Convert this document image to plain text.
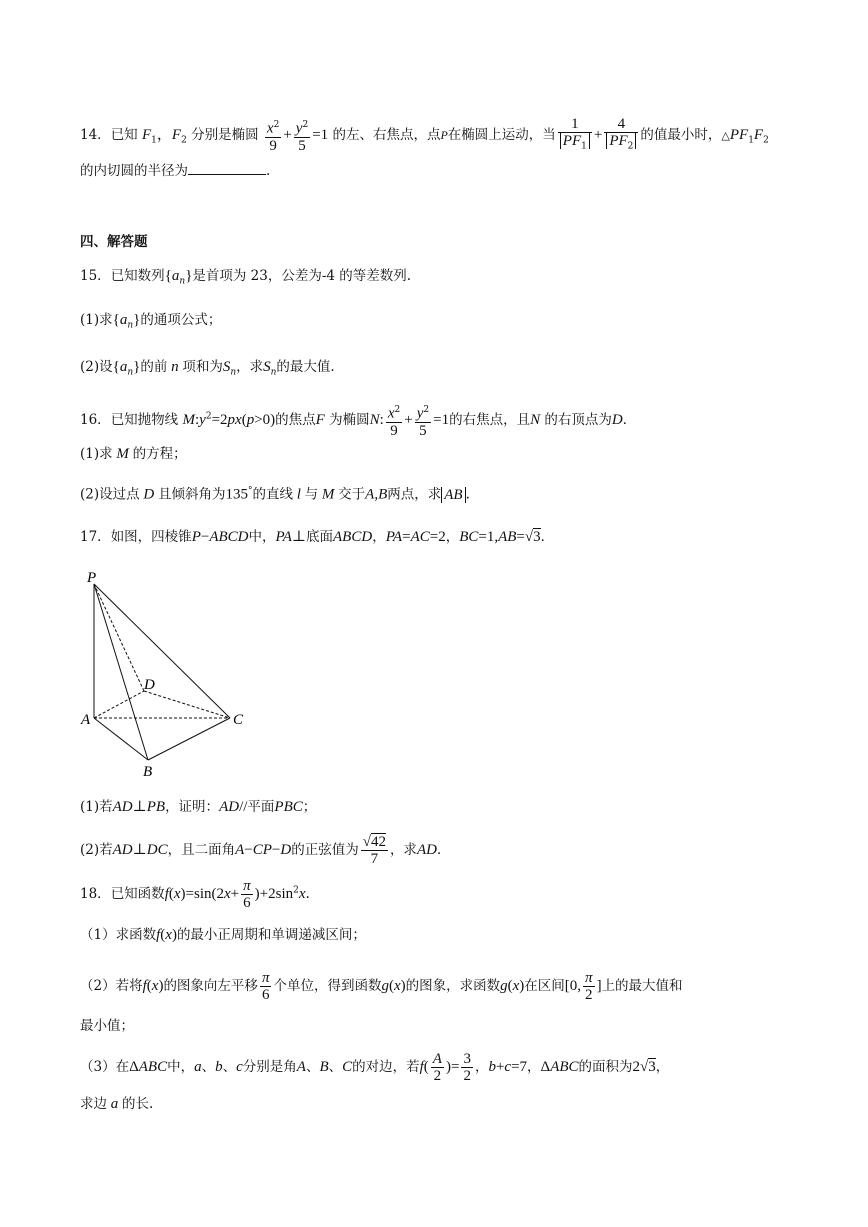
14．已知 $F_1$，$F_2$ 分别是椭圆 $\frac{x^2}{9} + \frac{y^2}{5} =1$ 的左、右焦点，点P在椭圆上运动，当 $\frac{1}{PF_1} + \frac{4}{PF_2}$ 的值最小时，$\triangle PF_1F_2$
的内切圆的半径为	.
四、解答题
15．已知数列$\{a_n\}$是首项为 23，公差为-4 的等差数列.
(1)求$\{a_n\}$的通项公式；
(2)设$\{a_n\}$的前 n 项和为$S_n$，求$S_n$的最大值.
16．已知抛物线 $M:y^2=2px(p>0)$的焦点F 为椭圆N: $\frac{x^2}{9} + \frac{y^2}{5} =1$的右焦点，且N 的右顶点为D．
(1)求 M 的方程；
(2)设过点 D 且倾斜角为135°的直线 l 与 M 交于A,B两点，求 AB .
17．如图，四棱锥P−ABCD中，PA⊥底面ABCD，PA=AC=2，BC=1,AB=√3．
P
A
B
C
D
(1)若AD⊥PB，证明：AD//平面PBC；
(2)若AD⊥DC，且二面角A−CP−D的正弦值为 $\frac{√42}{7}$ ，求AD．
18．已知函数$f(x)=\sin(2x+ \frac{\pi}{6} )+2\sin^2x$.
（1）求函数f(x)的最小正周期和单调递减区间；
（2）若将f(x)的图象向左平移 $\frac{\pi}{6}$ 个单位，得到函数g(x)的图象，求函数g(x)在区间[0, $\frac{\pi}{2}$ ]上的最大值和
最小值；
（3）在ΔABC中，a、b、c分别是角A、B、C的对边，若$f( \frac{A}{2}$ )= $\frac{3}{2}$ ，b+c=7，ΔABC的面积为2√3，
求边 a 的长.
